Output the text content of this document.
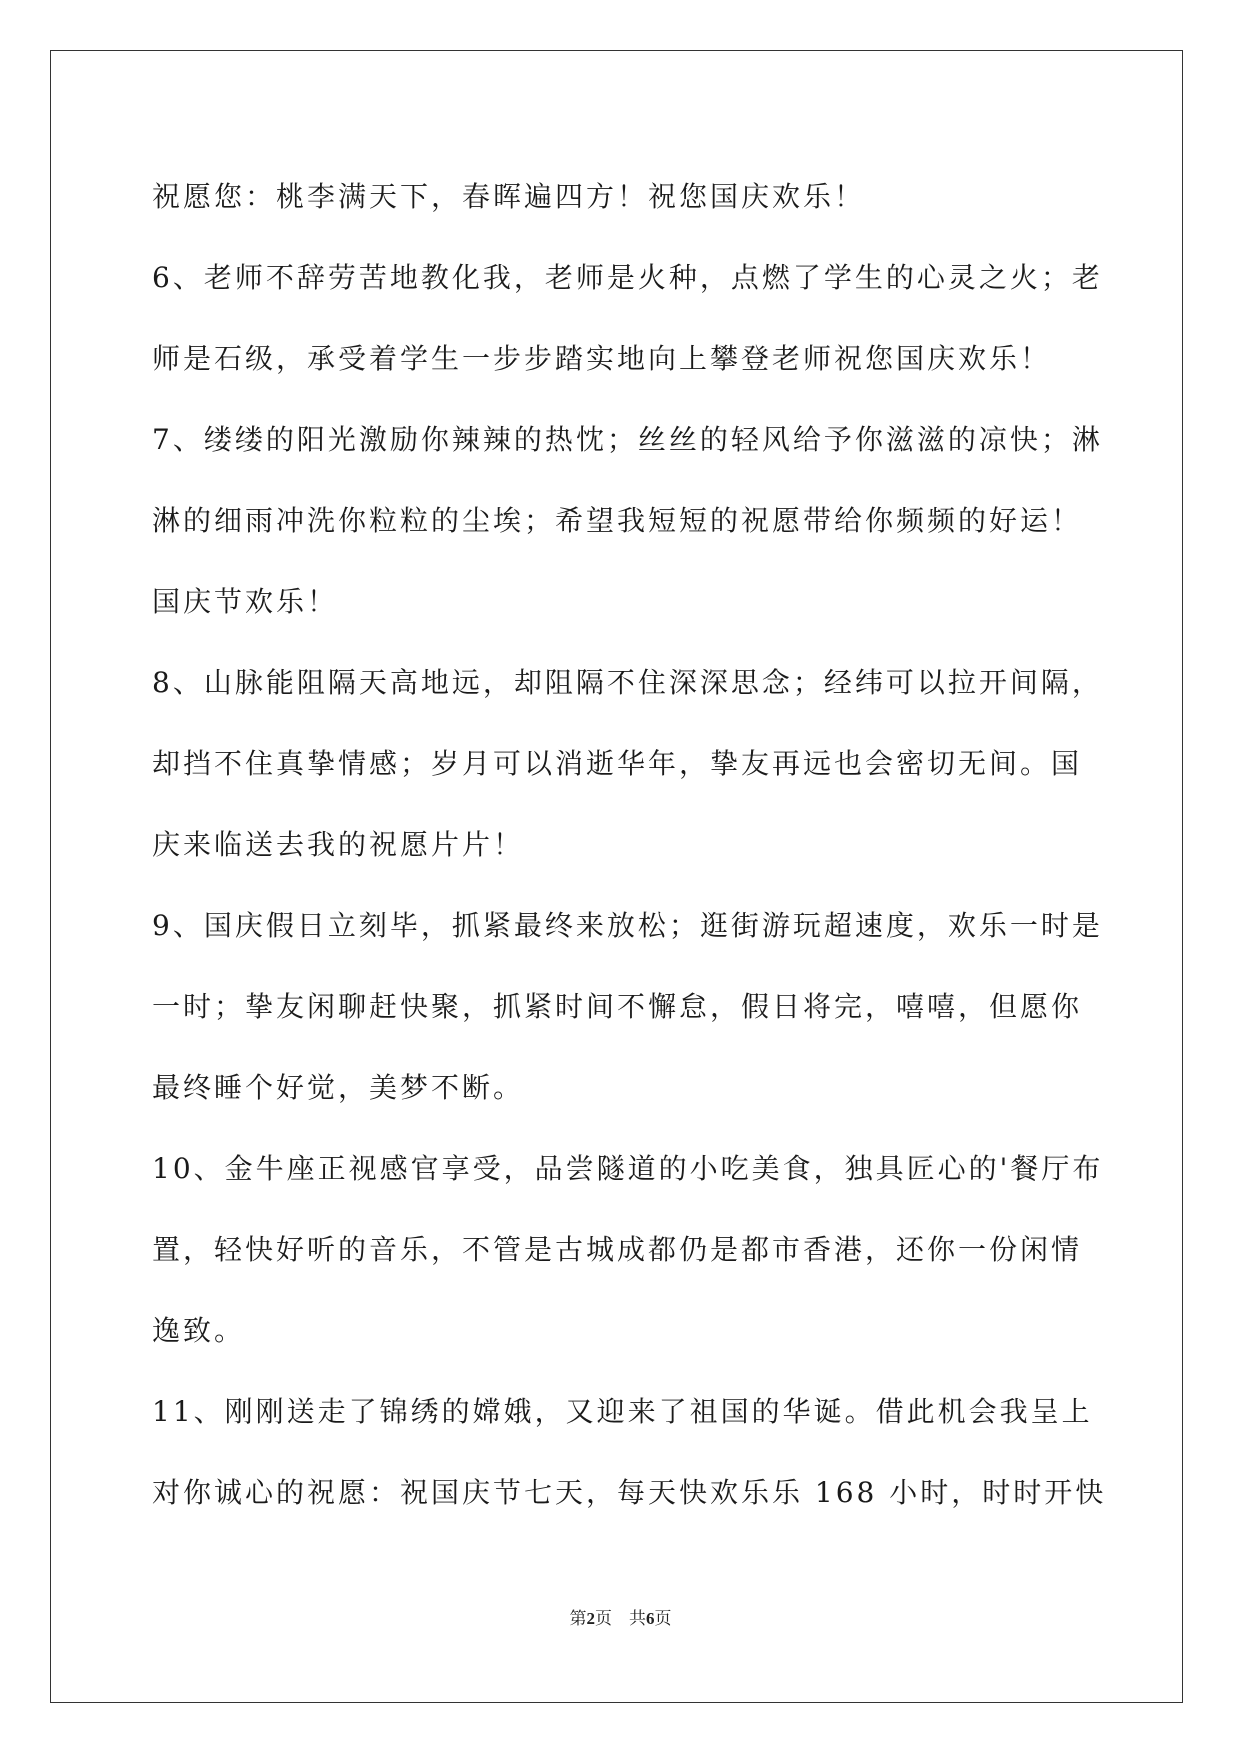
祝愿您：桃李满天下，春晖遍四方！祝您国庆欢乐！
6、老师不辞劳苦地教化我，老师是火种，点燃了学生的心灵之火；老
师是石级，承受着学生一步步踏实地向上攀登老师祝您国庆欢乐！
7、缕缕的阳光激励你辣辣的热忱；丝丝的轻风给予你滋滋的凉快；淋
淋的细雨冲洗你粒粒的尘埃；希望我短短的祝愿带给你频频的好运！
国庆节欢乐！
8、山脉能阻隔天高地远，却阻隔不住深深思念；经纬可以拉开间隔，
却挡不住真挚情感；岁月可以消逝华年，挚友再远也会密切无间。国
庆来临送去我的祝愿片片！
9、国庆假日立刻毕，抓紧最终来放松；逛街游玩超速度，欢乐一时是
一时；挚友闲聊赶快聚，抓紧时间不懈怠，假日将完，嘻嘻，但愿你
最终睡个好觉，美梦不断。
10、金牛座正视感官享受，品尝隧道的小吃美食，独具匠心的'餐厅布
置，轻快好听的音乐，不管是古城成都仍是都市香港，还你一份闲情
逸致。
11、刚刚送走了锦绣的嫦娥，又迎来了祖国的华诞。借此机会我呈上
对你诚心的祝愿：祝国庆节七天，每天快欢乐乐 168 小时，时时开快
第2页 共6页
